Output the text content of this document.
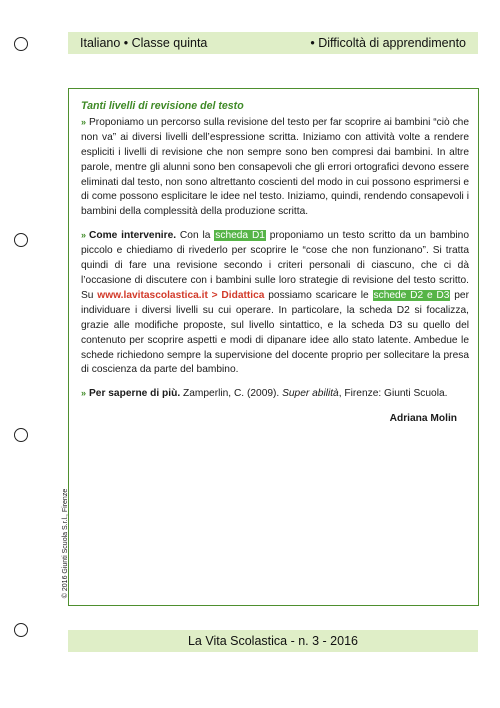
Italiano • Classe quinta	• Difficoltà di apprendimento
Tanti livelli di revisione del testo

» Proponiamo un percorso sulla revisione del testo per far scoprire ai bambini “ciò che non va” ai diversi livelli dell’espressione scritta. Iniziamo con attività volte a rendere espliciti i livelli di revisione che non sempre sono ben compresi dai bambini. In altre parole, mentre gli alunni sono ben consapevoli che gli errori ortografici devono essere eliminati dal testo, non sono altrettanto coscienti del modo in cui possono esprimersi e di come possono esplicitare le idee nel testo. Iniziamo, quindi, rendendo consapevoli i bambini della complessità della produzione scritta.

» Come intervenire. Con la scheda D1 proponiamo un testo scritto da un bambino piccolo e chiediamo di rivederlo per scoprire le “cose che non funzionano”. Si tratta quindi di fare una revisione secondo i criteri personali di ciascuno, che ci dà l’occasione di discutere con i bambini sulle loro strategie di revisione del testo scritto. Su www.lavitascolastica.it > Didattica possiamo scaricare le schede D2 e D3 per individuare i diversi livelli su cui operare. In particolare, la scheda D2 si focalizza, grazie alle modifiche proposte, sul livello sintattico, e la scheda D3 su quello del contenuto per scoprire aspetti e modi di dipanare idee allo stato latente. Ambedue le schede richiedono sempre la supervisione del docente proprio per sollecitare la presa di coscienza da parte del bambino.

» Per saperne di più. Zamperlin, C. (2009). Super abilità, Firenze: Giunti Scuola.

Adriana Molin
© 2016 Giunti Scuola S.r.l., Firenze
La Vita Scolastica - n. 3 - 2016
